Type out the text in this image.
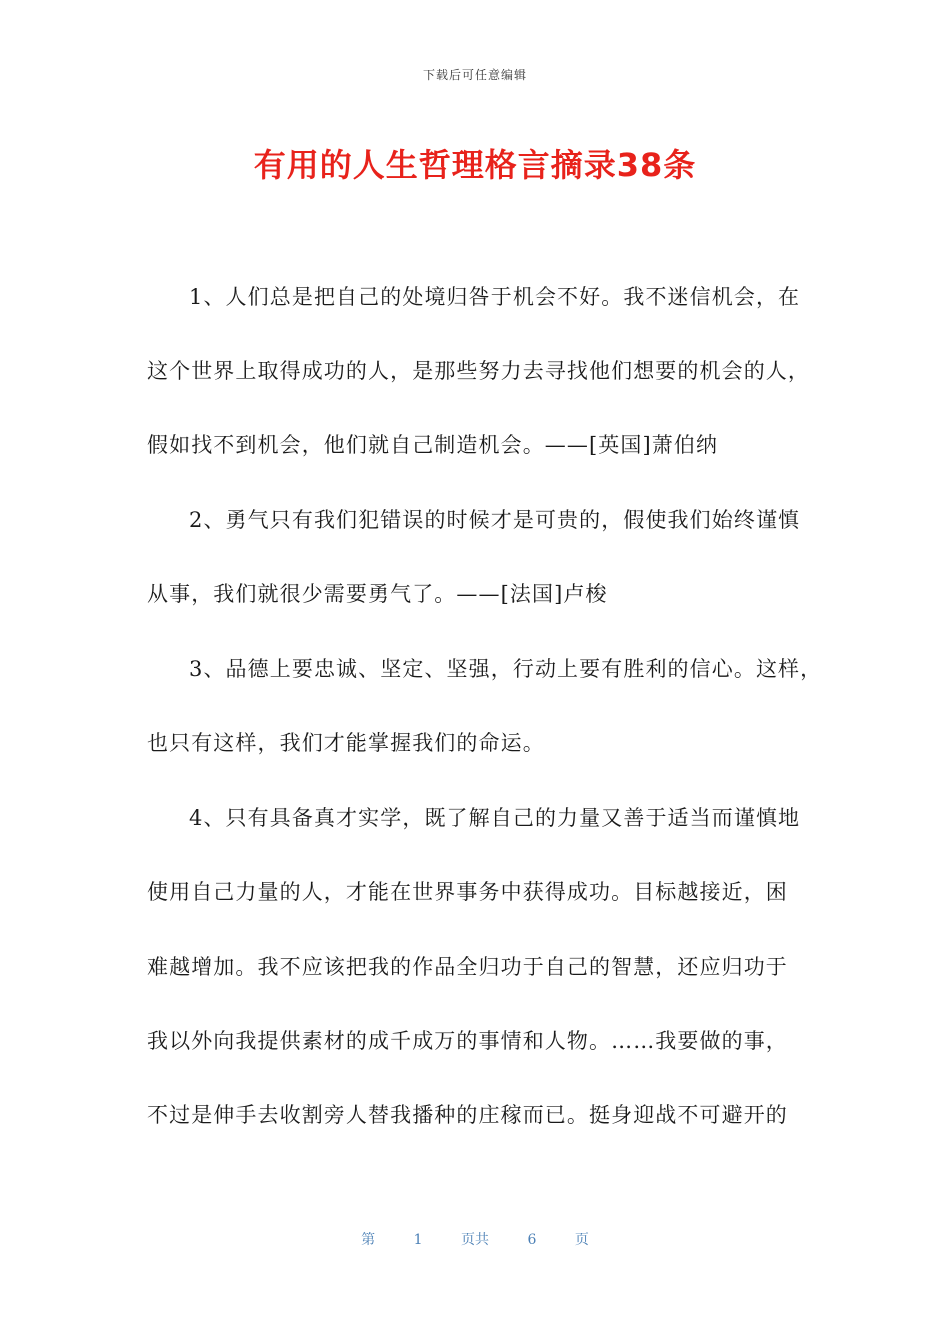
下载后可任意编辑
有用的人生哲理格言摘录38条
1、人们总是把自己的处境归咎于机会不好。我不迷信机会，在
这个世界上取得成功的人，是那些努力去寻找他们想要的机会的人，
假如找不到机会，他们就自己制造机会。——[英国]萧伯纳
2、勇气只有我们犯错误的时候才是可贵的，假使我们始终谨慎
从事，我们就很少需要勇气了。——[法国]卢梭
3、品德上要忠诚、坚定、坚强，行动上要有胜利的信心。这样，
也只有这样，我们才能掌握我们的命运。
4、只有具备真才实学，既了解自己的力量又善于适当而谨慎地
使用自己力量的人，才能在世界事务中获得成功。目标越接近，困
难越增加。我不应该把我的作品全归功于自己的智慧，还应归功于
我以外向我提供素材的成千成万的事情和人物。……我要做的事，
不过是伸手去收割旁人替我播种的庄稼而已。挺身迎战不可避开的
第	1	页共	6	页
